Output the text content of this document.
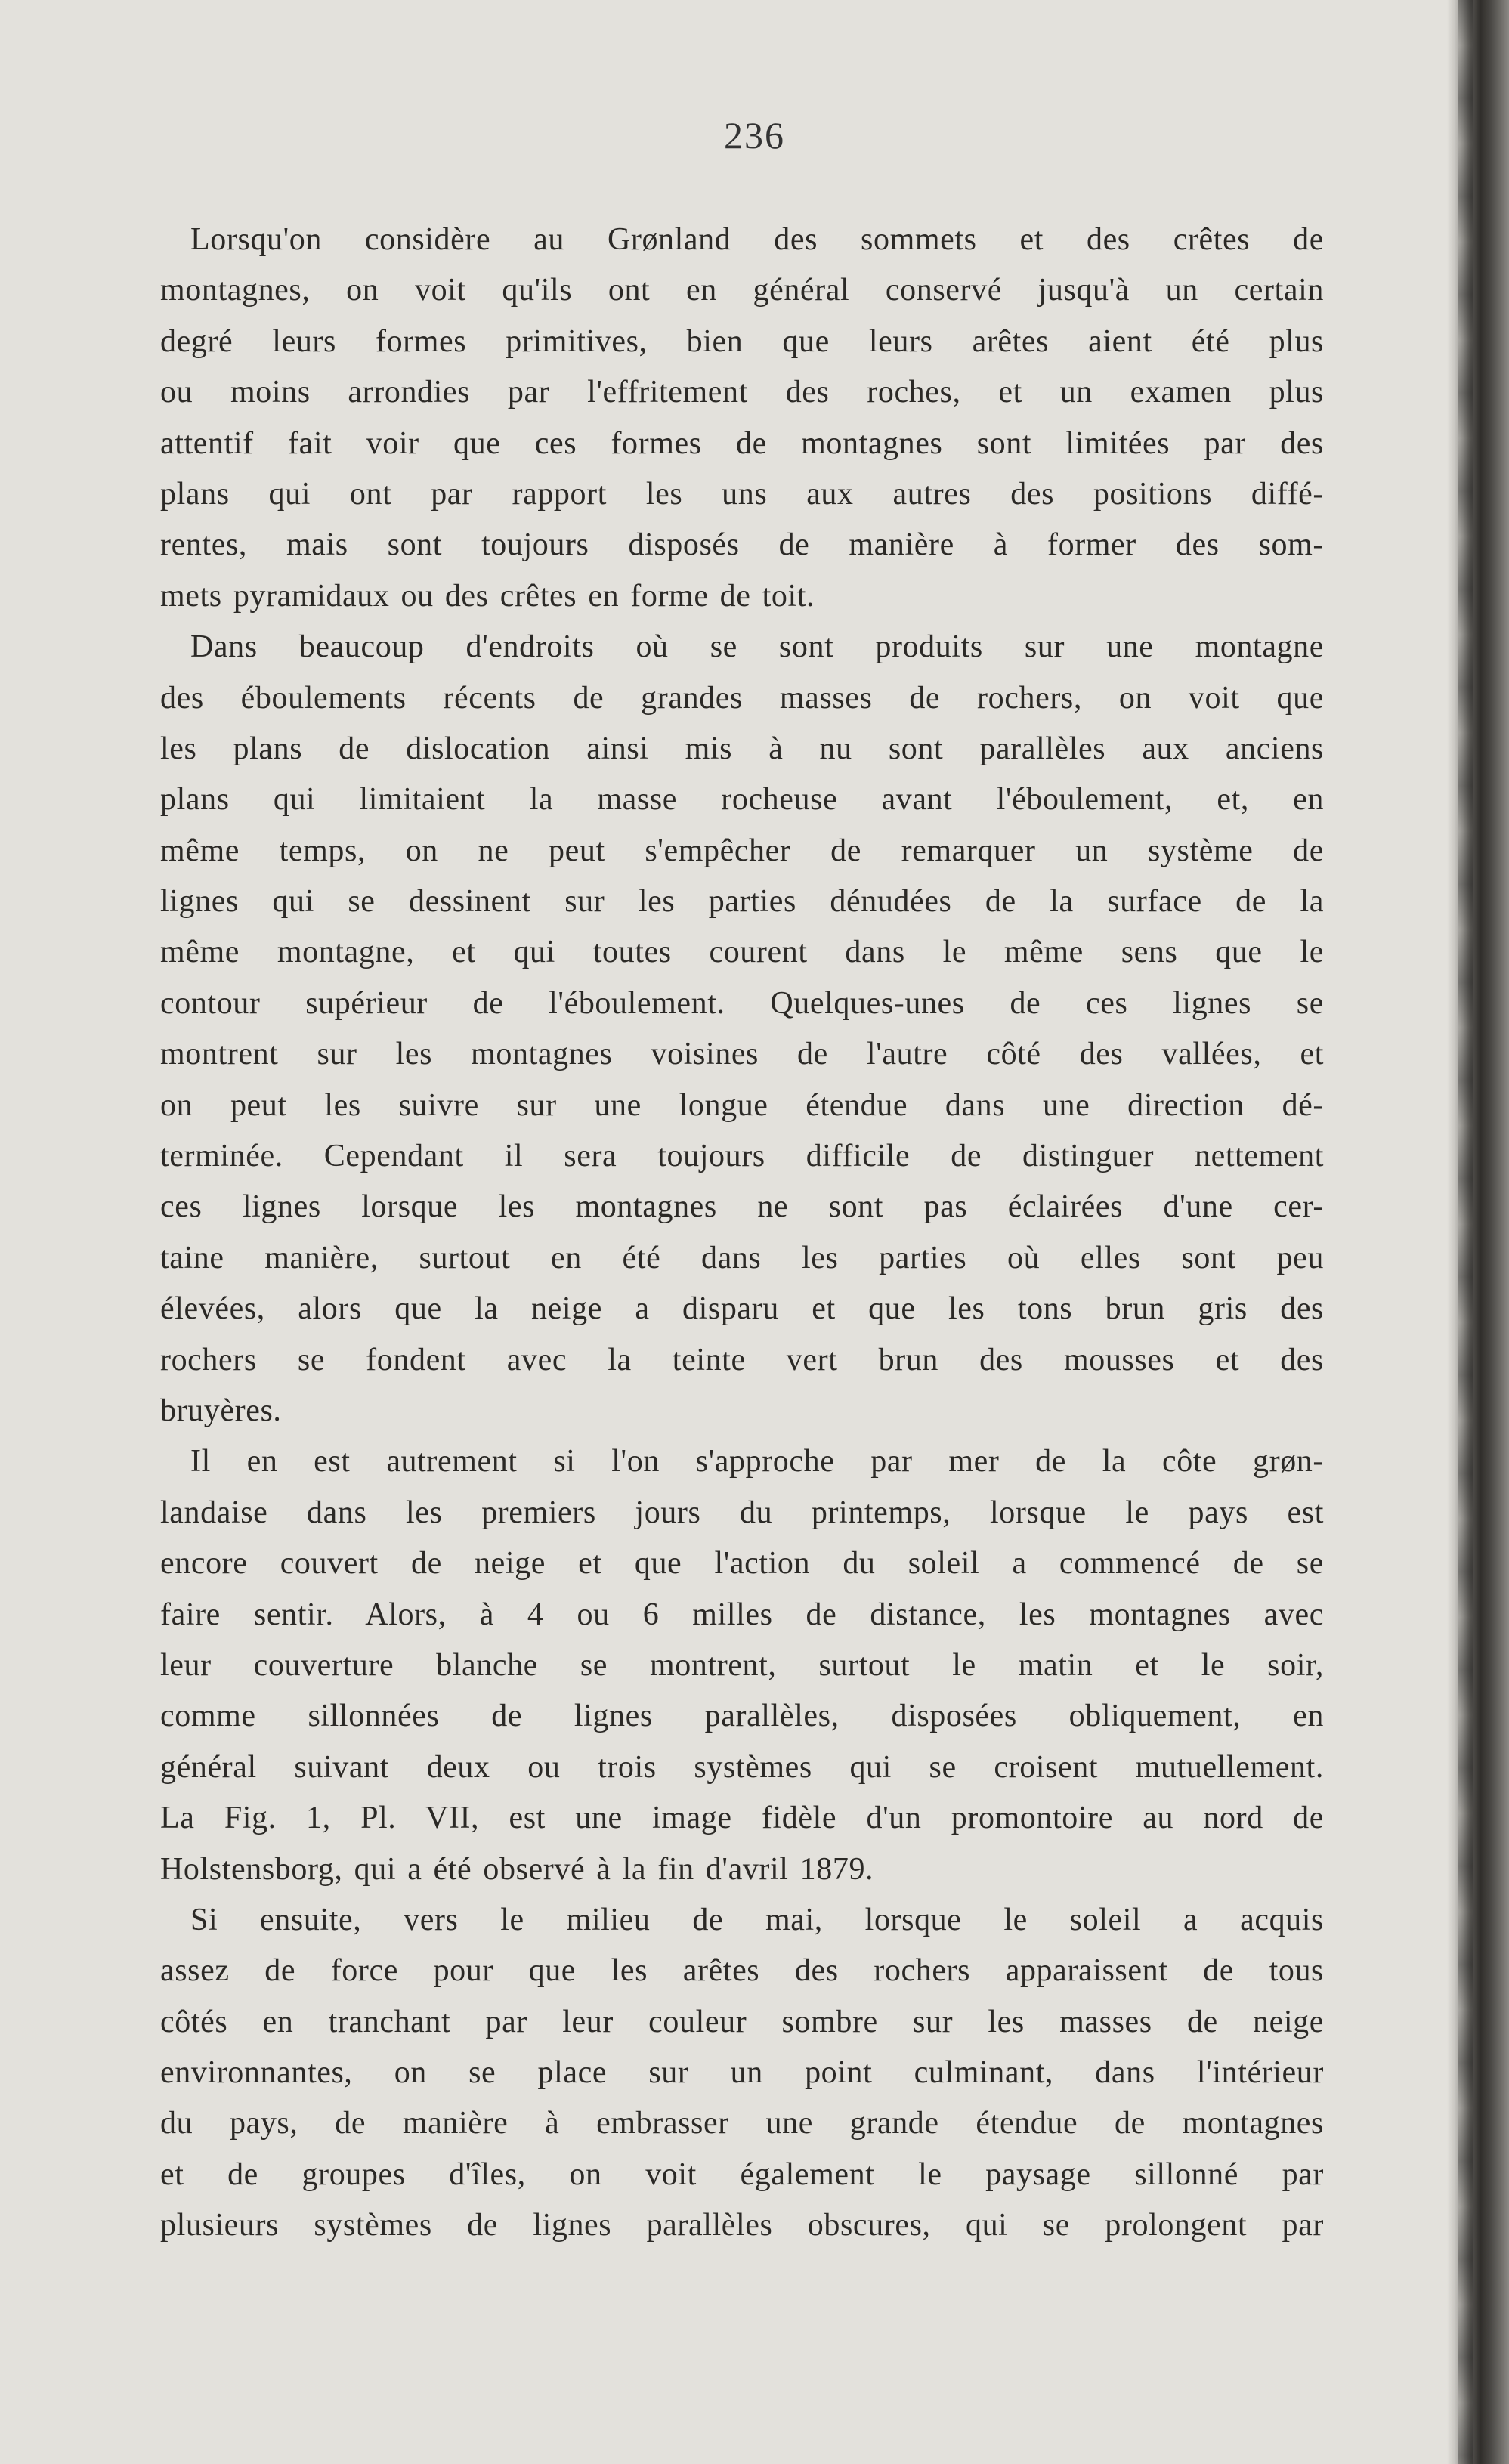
236
Lorsqu'on considère au Grønland des sommets et des crêtes de
montagnes, on voit qu'ils ont en général conservé jusqu'à un certain
degré leurs formes primitives, bien que leurs arêtes aient été plus
ou moins arrondies par l'effritement des roches, et un examen plus
attentif fait voir que ces formes de montagnes sont limitées par des
plans qui ont par rapport les uns aux autres des positions diffé-
rentes, mais sont toujours disposés de manière à former des som-
mets pyramidaux ou des crêtes en forme de toit.
Dans beaucoup d'endroits où se sont produits sur une montagne
des éboulements récents de grandes masses de rochers, on voit que
les plans de dislocation ainsi mis à nu sont parallèles aux anciens
plans qui limitaient la masse rocheuse avant l'éboulement, et, en
même temps, on ne peut s'empêcher de remarquer un système de
lignes qui se dessinent sur les parties dénudées de la surface de la
même montagne, et qui toutes courent dans le même sens que le
contour supérieur de l'éboulement. Quelques-unes de ces lignes se
montrent sur les montagnes voisines de l'autre côté des vallées, et
on peut les suivre sur une longue étendue dans une direction dé-
terminée. Cependant il sera toujours difficile de distinguer nettement
ces lignes lorsque les montagnes ne sont pas éclairées d'une cer-
taine manière, surtout en été dans les parties où elles sont peu
élevées, alors que la neige a disparu et que les tons brun gris des
rochers se fondent avec la teinte vert brun des mousses et des
bruyères.
Il en est autrement si l'on s'approche par mer de la côte grøn-
landaise dans les premiers jours du printemps, lorsque le pays est
encore couvert de neige et que l'action du soleil a commencé de se
faire sentir. Alors, à 4 ou 6 milles de distance, les montagnes avec
leur couverture blanche se montrent, surtout le matin et le soir,
comme sillonnées de lignes parallèles, disposées obliquement, en
général suivant deux ou trois systèmes qui se croisent mutuellement.
La Fig. 1, Pl. VII, est une image fidèle d'un promontoire au nord de
Holstensborg, qui a été observé à la fin d'avril 1879.
Si ensuite, vers le milieu de mai, lorsque le soleil a acquis
assez de force pour que les arêtes des rochers apparaissent de tous
côtés en tranchant par leur couleur sombre sur les masses de neige
environnantes, on se place sur un point culminant, dans l'intérieur
du pays, de manière à embrasser une grande étendue de montagnes
et de groupes d'îles, on voit également le paysage sillonné par
plusieurs systèmes de lignes parallèles obscures, qui se prolongent par
